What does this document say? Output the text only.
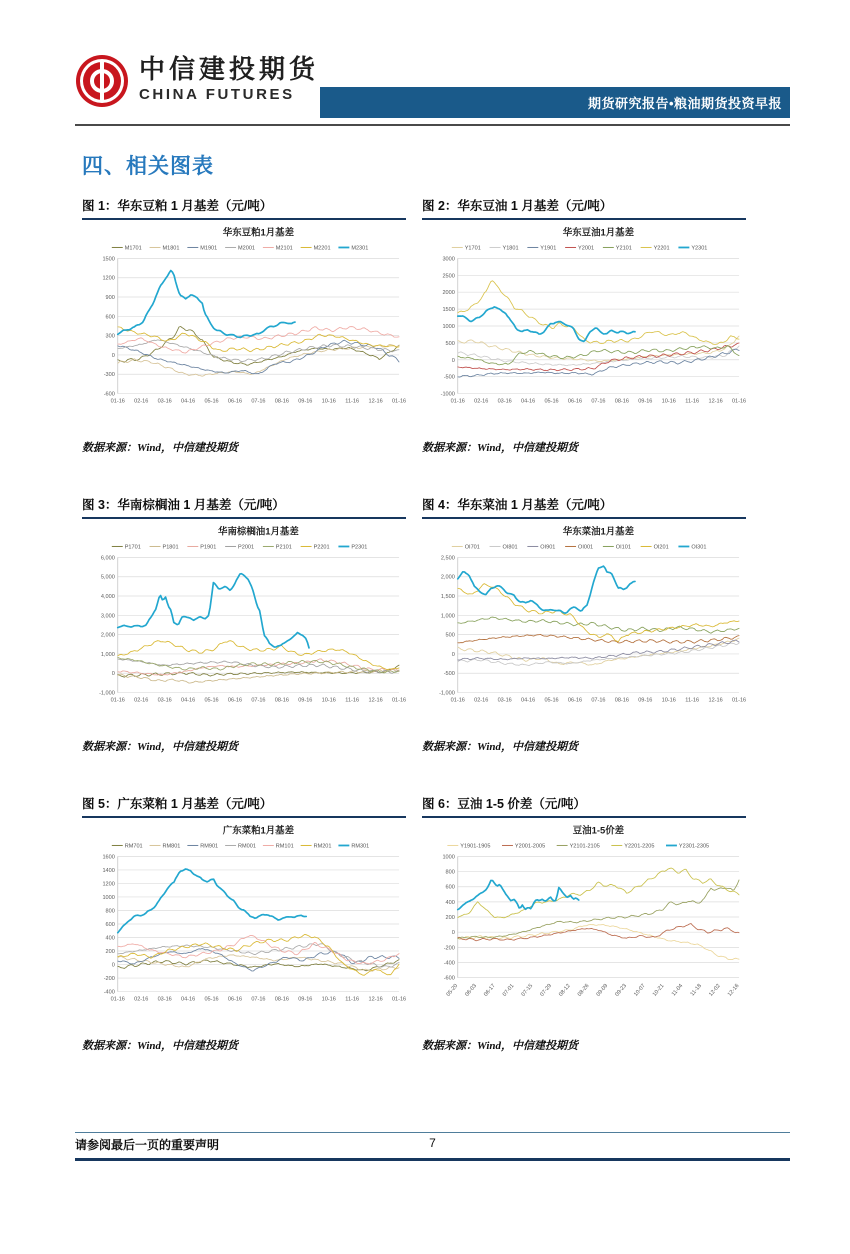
中信建投期货
CHINA FUTURES
期货研究报告•粮油期货投资早报
四、相关图表
图 1：华东豆粕 1 月基差（元/吨）
华东豆粕1月基差
M1701	M1801	M1901	M2001	M2101	M2201	M2301
1500
1200
900
600
300
0
-300
-600
01-16 02-16 03-16 04-16 05-16 06-16 07-16 08-16 09-16 10-16 11-16 12-16 01-16
数据来源：Wind，中信建投期货
图 2：华东豆油 1 月基差（元/吨）
华东豆油1月基差
Y1701	Y1801	Y1901	Y2001	Y2101	Y2201	Y2301
3000
2500
2000
1500
1000
500
0
-500
-1000
01-16 02-16 03-16 04-16 05-16 06-16 07-16 08-16 09-16 10-16 11-16 12-16 01-16
数据来源：Wind，中信建投期货
图 3：华南棕榈油 1 月基差（元/吨）
华南棕榈油1月基差
P1701	P1801	P1901	P2001	P2101	P2201	P2301
6,000
5,000
4,000
3,000
2,000
1,000
0
-1,000
01-16 02-16 03-16 04-16 05-16 06-16 07-16 08-16 09-16 10-16 11-16 12-16 01-16
数据来源：Wind，中信建投期货
图 4：华东菜油 1 月基差（元/吨）
华东菜油1月基差
OI701	OI801	OI901	OI001	OI101	OI201	OI301
2,500
2,000
1,500
1,000
500
0
-500
-1,000
01-16 02-16 03-16 04-16 05-16 06-16 07-16 08-16 09-16 10-16 11-16 12-16 01-16
数据来源：Wind，中信建投期货
图 5：广东菜粕 1 月基差（元/吨）
广东菜粕1月基差
RM701	RM801	RM901	RM001	RM101	RM201	RM301
1600
1400
1200
1000
800
600
400
200
0
-200
-400
01-16 02-16 03-16 04-16 05-16 06-16 07-16 08-16 09-16 10-16 11-16 12-16 01-16
数据来源：Wind，中信建投期货
图 6：豆油 1-5 价差（元/吨）
豆油1-5价差
Y1901-1905	Y2001-2005	Y2101-2105	Y2201-2205	Y2301-2305
1000
800
600
400
200
0
-200
-400
-600
05-20 06-03 06-17 07-01 07-15 07-29 08-12 08-26 09-09 09-23 10-07 10-21 11-04 11-18 12-02 12-16
数据来源：Wind，中信建投期货
请参阅最后一页的重要声明	7
